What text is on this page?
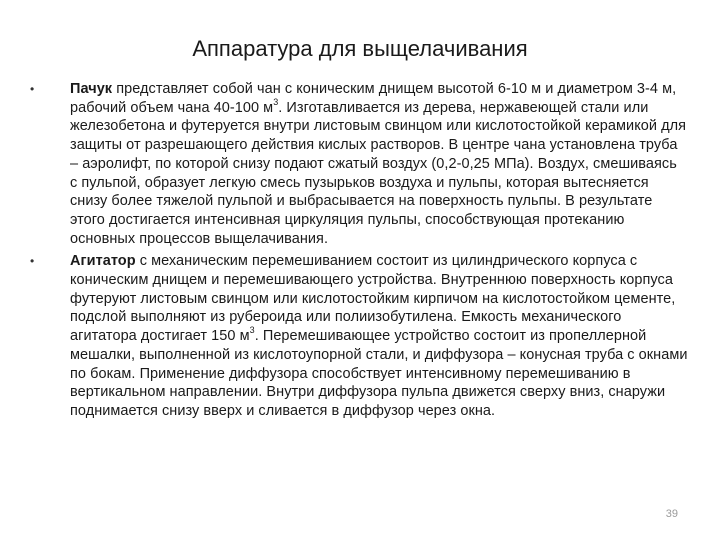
Аппаратура для выщелачивания
• Пачук представляет собой чан с коническим днищем высотой 6-10 м и диаметром 3-4 м, рабочий объем чана 40-100 $м^3$. Изготавливается из дерева, нержавеющей стали или железобетона и футеруется внутри листовым свинцом или кислотостойкой керамикой для защиты от разрешающего действия кислых растворов. В центре чана установлена труба – аэролифт, по которой снизу подают сжатый воздух (0,2-0,25 МПа). Воздух, смешиваясь с пульпой, образует легкую смесь пузырьков воздуха и пульпы, которая вытесняется снизу более тяжелой пульпой и выбрасывается на поверхность пульпы. В результате этого достигается интенсивная циркуляция пульпы, способствующая протеканию основных процессов выщелачивания.
• Агитатор с механическим перемешиванием состоит из цилиндрического корпуса с коническим днищем и перемешивающего устройства. Внутреннюю поверхность корпуса футеруют листовым свинцом или кислотостойким кирпичом на кислотостойком цементе, подслой выполняют из рубероида или полиизобутилена. Емкость механического агитатора достигает 150 $м^3$. Перемешивающее устройство состоит из пропеллерной мешалки, выполненной из кислотоупорной стали, и диффузора – конусная труба с окнами по бокам. Применение диффузора способствует интенсивному перемешиванию в вертикальном направлении. Внутри диффузора пульпа движется сверху вниз, снаружи поднимается снизу вверх и сливается в диффузор через окна.
39
